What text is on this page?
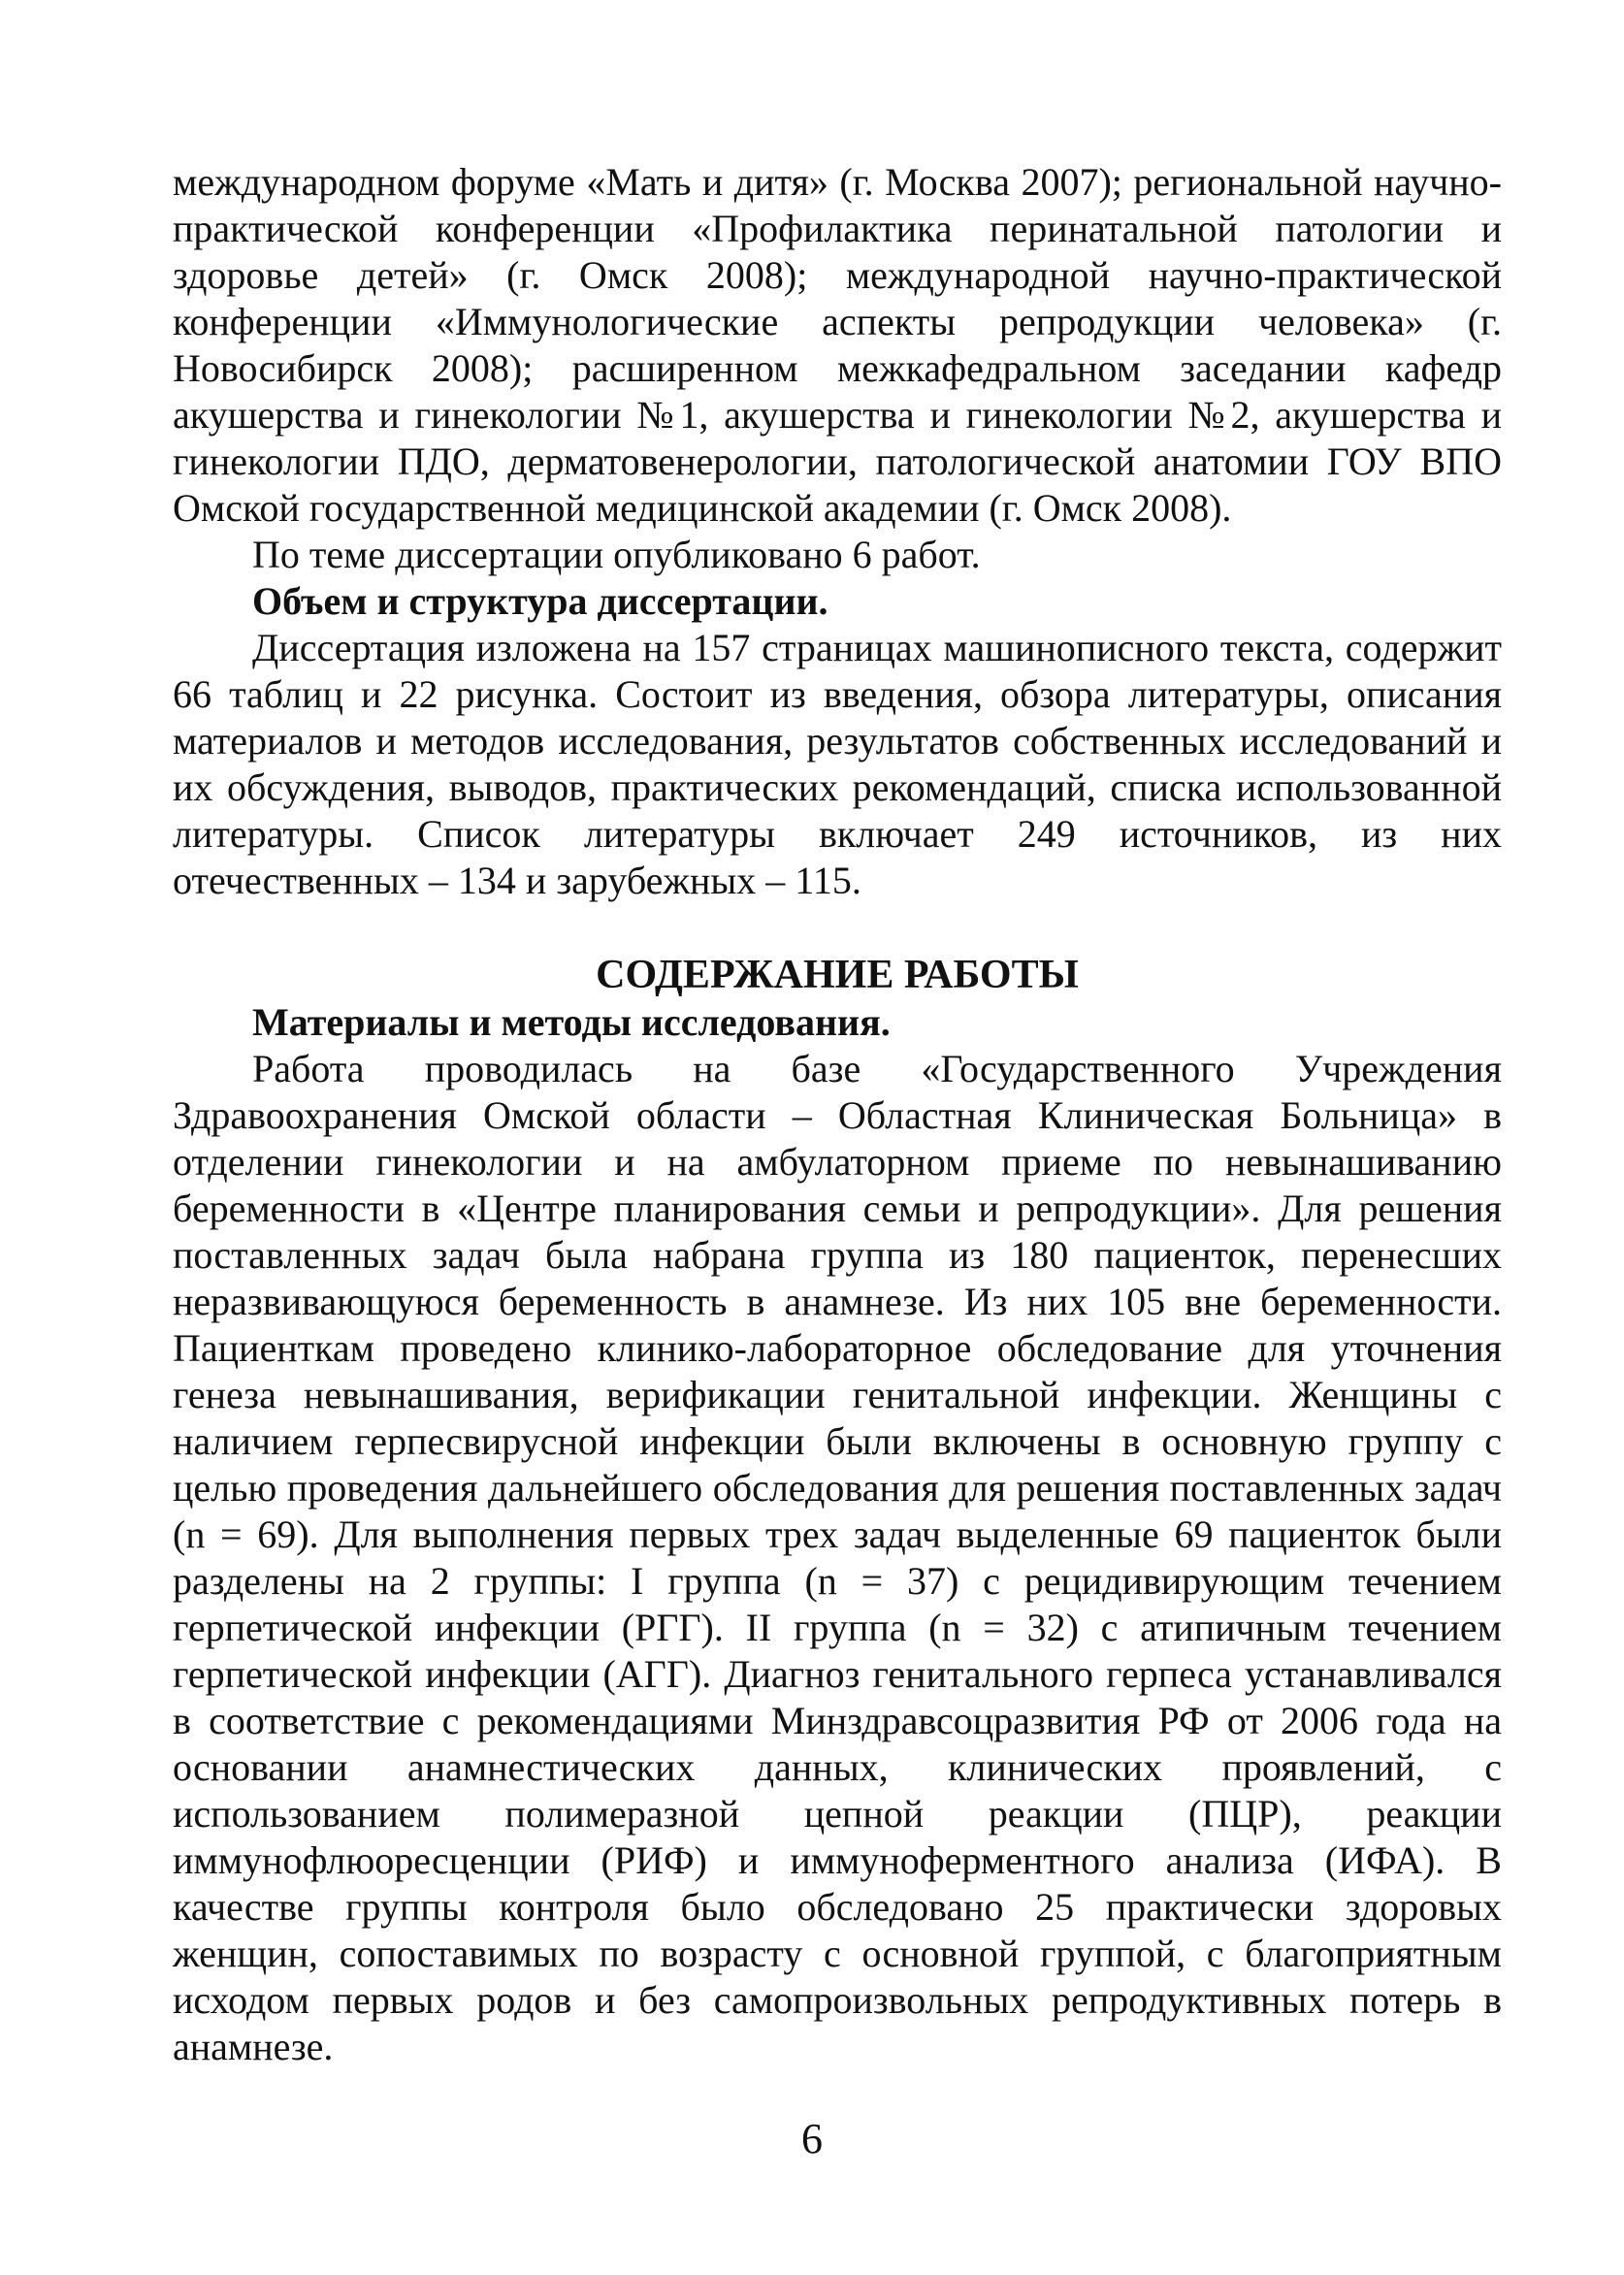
международном форуме «Мать и дитя» (г. Москва 2007); региональной научно-практической конференции «Профилактика перинатальной патологии и здоровье детей» (г. Омск 2008); международной научно-практической конференции «Иммунологические аспекты репродукции человека» (г. Новосибирск 2008); расширенном межкафедральном заседании кафедр акушерства и гинекологии №1, акушерства и гинекологии №2, акушерства и гинекологии ПДО, дерматовенерологии, патологической анатомии ГОУ ВПО Омской государственной медицинской академии (г. Омск 2008).

По теме диссертации опубликовано 6 работ.

Объем и структура диссертации.

Диссертация изложена на 157 страницах машинописного текста, содержит 66 таблиц и 22 рисунка. Состоит из введения, обзора литературы, описания материалов и методов исследования, результатов собственных исследований и их обсуждения, выводов, практических рекомендаций, списка использованной литературы. Список литературы включает 249 источников, из них отечественных – 134 и зарубежных – 115.

СОДЕРЖАНИЕ РАБОТЫ

Материалы и методы исследования.

Работа проводилась на базе «Государственного Учреждения Здравоохранения Омской области – Областная Клиническая Больница» в отделении гинекологии и на амбулаторном приеме по невынашиванию беременности в «Центре планирования семьи и репродукции». Для решения поставленных задач была набрана группа из 180 пациенток, перенесших неразвивающуюся беременность в анамнезе. Из них 105 вне беременности. Пациенткам проведено клинико-лабораторное обследование для уточнения генеза невынашивания, верификации генитальной инфекции. Женщины с наличием герпесвирусной инфекции были включены в основную группу с целью проведения дальнейшего обследования для решения поставленных задач (n = 69). Для выполнения первых трех задач выделенные 69 пациенток были разделены на 2 группы: I группа (n = 37) с рецидивирующим течением герпетической инфекции (РГГ). II группа (n = 32) с атипичным течением герпетической инфекции (АГГ). Диагноз генитального герпеса устанавливался в соответствие с рекомендациями Минздравсоцразвития РФ от 2006 года на основании анамнестических данных, клинических проявлений, с использованием полимеразной цепной реакции (ПЦР), реакции иммунофлюоресценции (РИФ) и иммуноферментного анализа (ИФА). В качестве группы контроля было обследовано 25 практически здоровых женщин, сопоставимых по возрасту с основной группой, с благоприятным исходом первых родов и без самопроизвольных репродуктивных потерь в анамнезе.

6
